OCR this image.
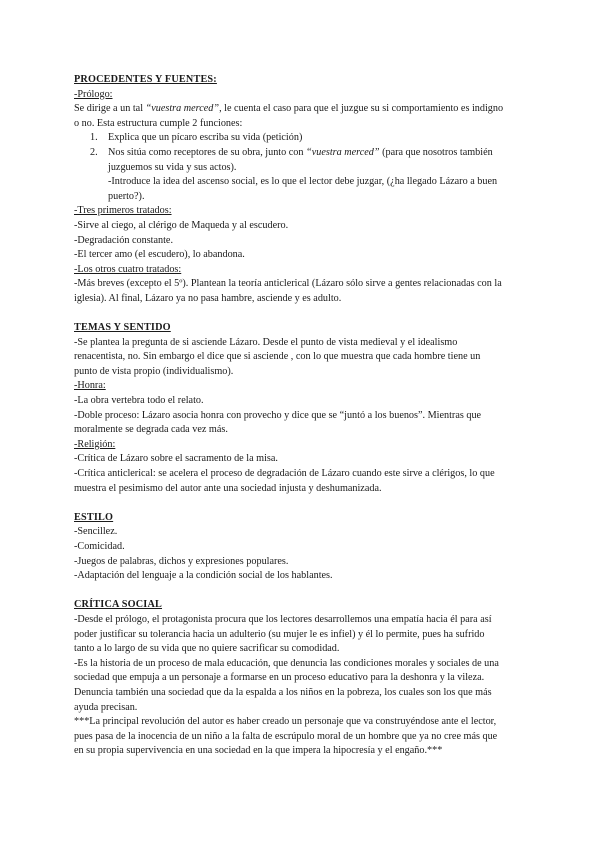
PROCEDENTES Y FUENTES:
-Prólogo:
Se dirige a un tal “vuestra merced”, le cuenta el caso para que el juzgue su si comportamiento es indigno
o no. Esta estructura cumple 2 funciones:
1. Explica que un pícaro escriba su vida (petición)
2. Nos sitúa como receptores de su obra, junto con “vuestra merced” (para que nosotros también
juzguemos su vida y sus actos).
-Introduce la idea del ascenso social, es lo que el lector debe juzgar, (¿ha llegado Lázaro a buen
puerto?).
-Tres primeros tratados:
-Sirve al ciego, al clérigo de Maqueda y al escudero.
-Degradación constante.
-El tercer amo (el escudero), lo abandona.
-Los otros cuatro tratados:
-Más breves (excepto el 5º). Plantean la teoría anticlerical (Lázaro sólo sirve a gentes relacionadas con la
iglesia). Al final, Lázaro ya no pasa hambre, asciende y es adulto.
TEMAS Y SENTIDO
-Se plantea la pregunta de si asciende Lázaro. Desde el punto de vista medieval y el idealismo
renacentista, no. Sin embargo el dice que si asciende , con lo que muestra que cada hombre tiene un
punto de vista propio (individualismo).
-Honra:
-La obra vertebra todo el relato.
-Doble proceso: Lázaro asocia honra con provecho y dice que se “juntó a los buenos”. Mientras que
moralmente se degrada cada vez más.
-Religión:
-Crítica de Lázaro sobre el sacramento de la misa.
-Crítica anticlerical: se acelera el proceso de degradación de Lázaro cuando este sirve a clérigos, lo que
muestra el pesimismo del autor ante una sociedad injusta y deshumanizada.
ESTILO
-Sencillez.
-Comicidad.
-Juegos de palabras, dichos y expresiones populares.
-Adaptación del lenguaje a la condición social de los hablantes.
CRÍTICA SOCIAL
-Desde el prólogo, el protagonista procura que los lectores desarrollemos una empatía hacia él para así
poder justificar su tolerancia hacia un adulterio (su mujer le es infiel) y él lo permite, pues ha sufrido
tanto a lo largo de su vida que no quiere sacrificar su comodidad.
-Es la historia de un proceso de mala educación, que denuncia las condiciones morales y sociales de una
sociedad que empuja a un personaje a formarse en un proceso educativo para la deshonra y la vileza.
Denuncia también una sociedad que da la espalda a los niños en la pobreza, los cuales son los que más
ayuda precisan.
***La principal revolución del autor es haber creado un personaje que va construyéndose ante el lector,
pues pasa de la inocencia de un niño a la falta de escrúpulo moral de un hombre que ya no cree más que
en su propia supervivencia en una sociedad en la que impera la hipocresía y el engaño.***
